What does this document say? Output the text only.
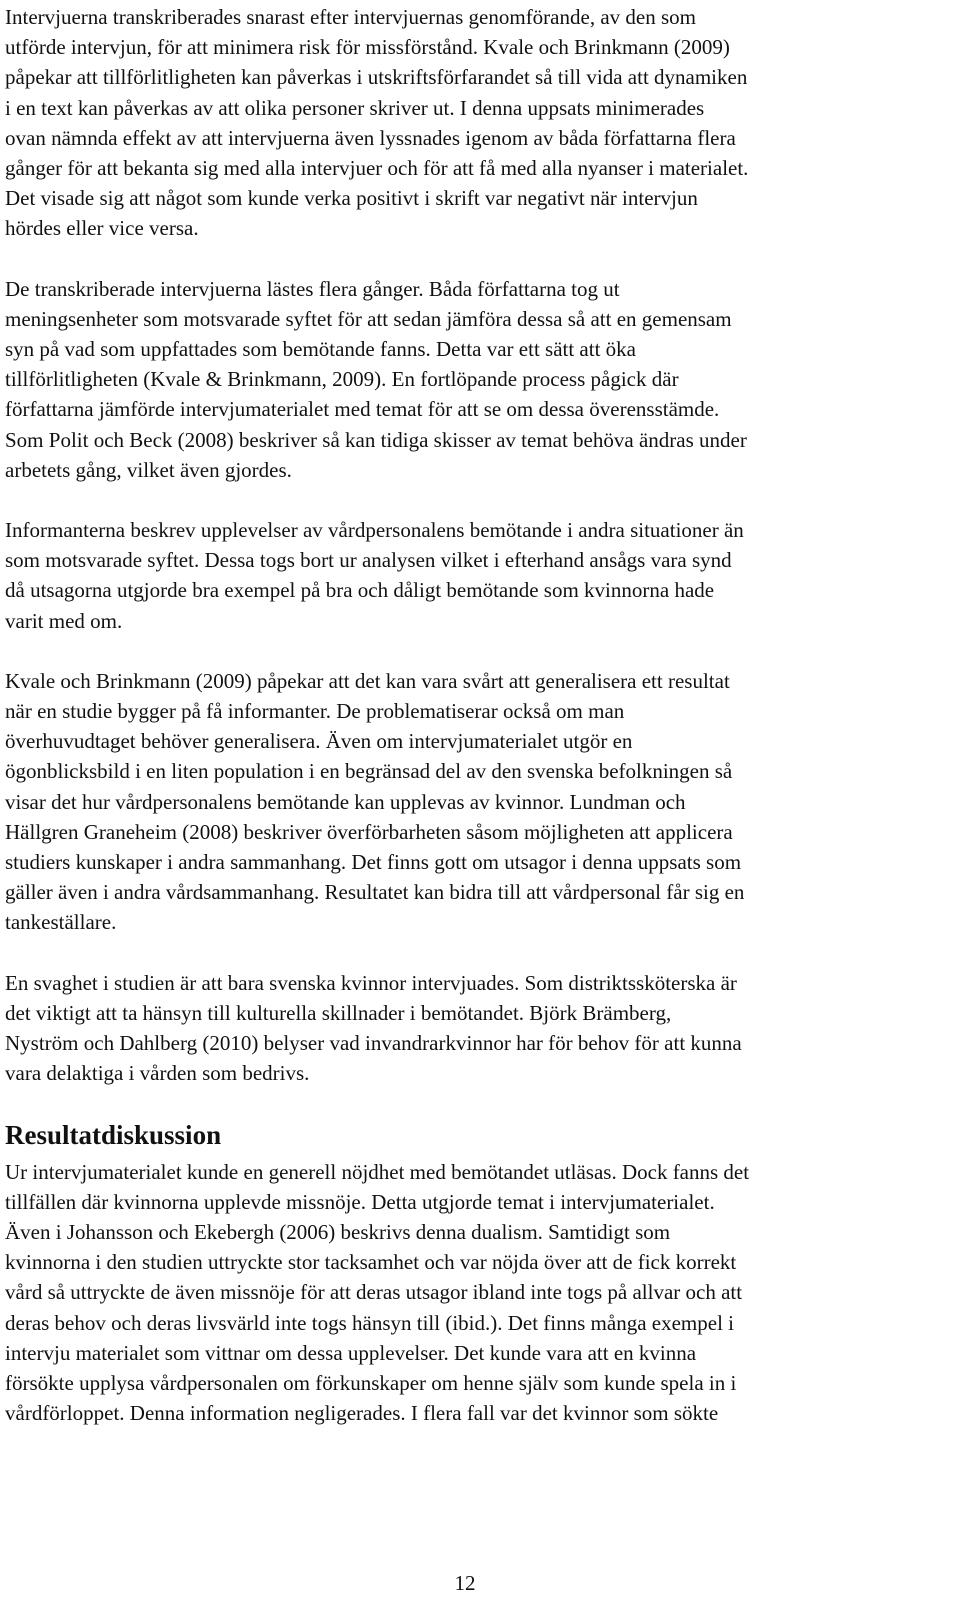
Intervjuerna transkriberades snarast efter intervjuernas genomförande, av den som
utförde intervjun, för att minimera risk för missförstånd. Kvale och Brinkmann (2009)
påpekar att tillförlitligheten kan påverkas i utskriftsförfarandet så till vida att dynamiken
i en text kan påverkas av att olika personer skriver ut. I denna uppsats minimerades
ovan nämnda effekt av att intervjuerna även lyssnades igenom av båda författarna flera
gånger för att bekanta sig med alla intervjuer och för att få med alla nyanser i materialet.
Det visade sig att något som kunde verka positivt i skrift var negativt när intervjun
hördes eller vice versa.
De transkriberade intervjuerna lästes flera gånger. Båda författarna tog ut
meningsenheter som motsvarade syftet för att sedan jämföra dessa så att en gemensam
syn på vad som uppfattades som bemötande fanns. Detta var ett sätt att öka
tillförlitligheten (Kvale & Brinkmann, 2009). En fortlöpande process pågick där
författarna jämförde intervjumaterialet med temat för att se om dessa överensstämde.
Som Polit och Beck (2008) beskriver så kan tidiga skisser av temat behöva ändras under
arbetets gång, vilket även gjordes.
Informanterna beskrev upplevelser av vårdpersonalens bemötande i andra situationer än
som motsvarade syftet. Dessa togs bort ur analysen vilket i efterhand ansågs vara synd
då utsagorna utgjorde bra exempel på bra och dåligt bemötande som kvinnorna hade
varit med om.
Kvale och Brinkmann (2009) påpekar att det kan vara svårt att generalisera ett resultat
när en studie bygger på få informanter. De problematiserar också om man
överhuvudtaget behöver generalisera. Även om intervjumaterialet utgör en
ögonblicksbild i en liten population i en begränsad del av den svenska befolkningen så
visar det hur vårdpersonalens bemötande kan upplevas av kvinnor. Lundman och
Hällgren Graneheim (2008) beskriver överförbarheten såsom möjligheten att applicera
studiers kunskaper i andra sammanhang. Det finns gott om utsagor i denna uppsats som
gäller även i andra vårdsammanhang. Resultatet kan bidra till att vårdpersonal får sig en
tankeställare.
En svaghet i studien är att bara svenska kvinnor intervjuades. Som distriktssköterska är
det viktigt att ta hänsyn till kulturella skillnader i bemötandet. Björk Brämberg,
Nyström och Dahlberg (2010) belyser vad invandrarkvinnor har för behov för att kunna
vara delaktiga i vården som bedrivs.
Resultatdiskussion
Ur intervjumaterialet kunde en generell nöjdhet med bemötandet utläsas. Dock fanns det
tillfällen där kvinnorna upplevde missnöje. Detta utgjorde temat i intervjumaterialet.
Även i Johansson och Ekebergh (2006) beskrivs denna dualism. Samtidigt som
kvinnorna i den studien uttryckte stor tacksamhet och var nöjda över att de fick korrekt
vård så uttryckte de även missnöje för att deras utsagor ibland inte togs på allvar och att
deras behov och deras livsvärld inte togs hänsyn till (ibid.). Det finns många exempel i
intervju materialet som vittnar om dessa upplevelser. Det kunde vara att en kvinna
försökte upplysa vårdpersonalen om förkunskaper om henne själv som kunde spela in i
vårdförloppet. Denna information negligerades. I flera fall var det kvinnor som sökte
12
